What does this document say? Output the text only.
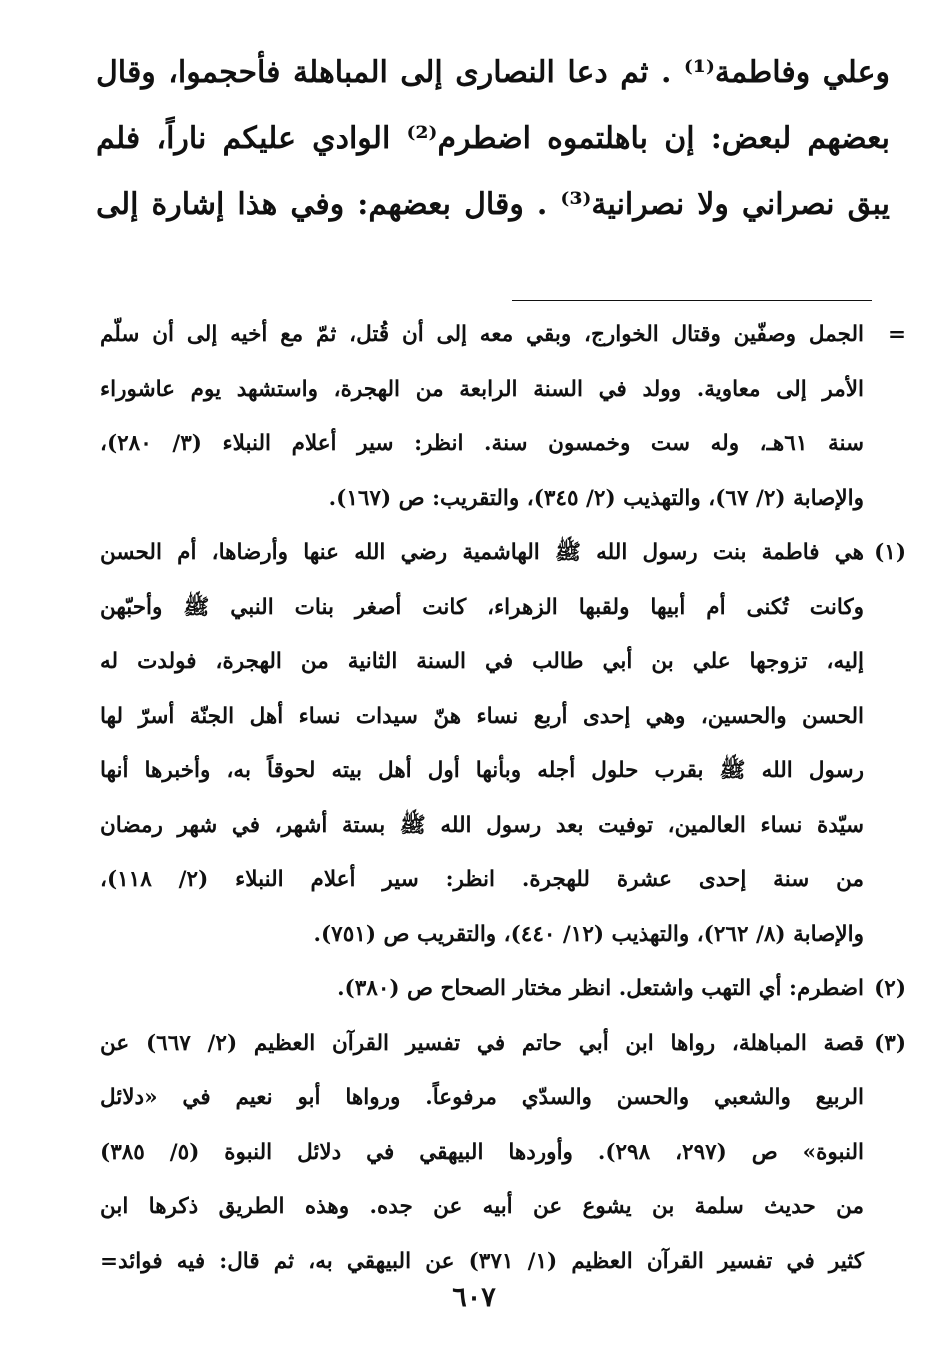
وعلي وفاطمة⁽¹⁾ . ثم دعا النصارى إلى المباهلة فأحجموا، وقال
بعضهم لبعض: إن باهلتموه اضطرم⁽²⁾ الوادي عليكم ناراً، فلم
يبق نصراني ولا نصرانية⁽³⁾ . وقال بعضهم: وفي هذا إشارة إلى
=
الجمل وصفّين وقتال الخوارج، وبقي معه إلى أن قُتل، ثمّ مع أخيه إلى أن سلّم
الأمر إلى معاوية. وولد في السنة الرابعة من الهجرة، واستشهد يوم عاشوراء
سنة ٦١هـ، وله ست وخمسون سنة. انظر: سير أعلام النبلاء (٣/ ٢٨٠)،
والإصابة (٢/ ٦٧)، والتهذيب (٢/ ٣٤٥)، والتقريب: ص (١٦٧).
(١)
هي فاطمة بنت رسول الله ﷺ الهاشمية رضي الله عنها وأرضاها، أم الحسن
وكانت تُكنى أم أبيها ولقبها الزهراء، كانت أصغر بنات النبي ﷺ وأحبّهن
إليه، تزوجها علي بن أبي طالب في السنة الثانية من الهجرة، فولدت له
الحسن والحسين، وهي إحدى أربع نساء هنّ سيدات نساء أهل الجنّة أسرّ لها
رسول الله ﷺ بقرب حلول أجله وبأنها أول أهل بيته لحوقاً به، وأخبرها أنها
سيّدة نساء العالمين، توفيت بعد رسول الله ﷺ بستة أشهر، في شهر رمضان
من سنة إحدى عشرة للهجرة. انظر: سير أعلام النبلاء (٢/ ١١٨)،
والإصابة (٨/ ٢٦٢)، والتهذيب (١٢/ ٤٤٠)، والتقريب ص (٧٥١).
(٢)
اضطرم: أي التهب واشتعل. انظر مختار الصحاح ص (٣٨٠).
(٣)
قصة المباهلة، رواها ابن أبي حاتم في تفسير القرآن العظيم (٢/ ٦٦٧) عن
الربيع والشعبي والحسن والسدّي مرفوعاً. ورواها أبو نعيم في «دلائل
النبوة» ص (٢٩٧، ٢٩٨). وأوردها البيهقي في دلائل النبوة (٥/ ٣٨٥)
من حديث سلمة بن يشوع عن أبيه عن جده. وهذه الطريق ذكرها ابن
كثير في تفسير القرآن العظيم (١/ ٣٧١) عن البيهقي به، ثم قال: فيه فوائد=
٦٠٧
